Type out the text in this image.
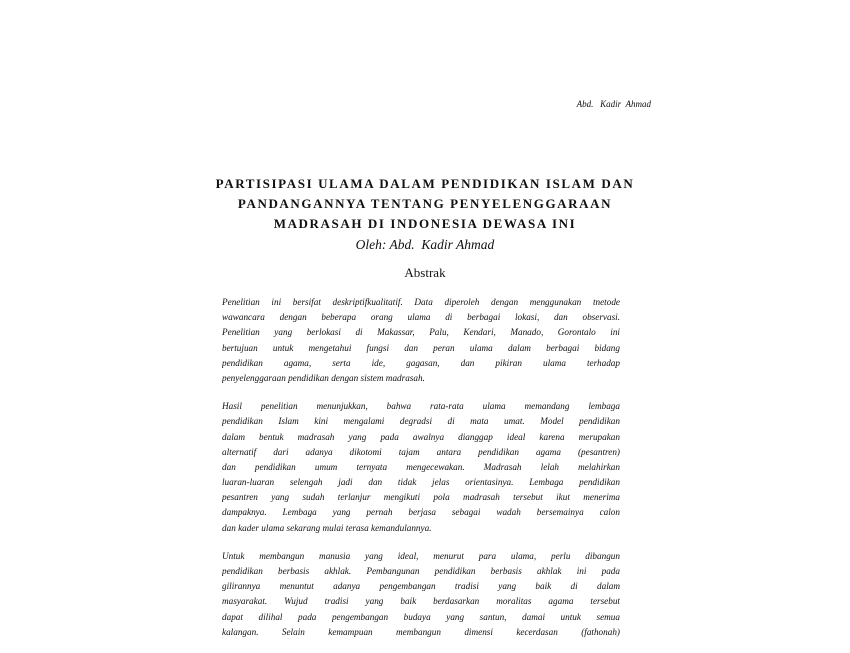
Abd.   Kadir  Ahmad

PARTISIPASI ULAMA DALAM PENDIDIKAN ISLAM DAN

PANDANGANNYA TENTANG PENYELENGGARAAN

MADRASAH DI INDONESIA DEWASA INI

Oleh: Abd.  Kadir Ahmad
Abstrak
Penelitian ini bersifat deskriptifkualitatif. Data diperoleh dengan menggunakan tnetode
wawancara dengan beberapa orang ulama di berbagai lokasi, dan observasi.
Penelitian yang berlokasi di Makassar, Palu, Kendari, Manado, Gorontalo ini
bertujuan untuk mengetahui fungsi dan peran ulama dalam berbagai bidang
pendidikan agama, serta ide, gagasan, dan pikiran ulama terhadap
penyelenggaraan pendidikan dengan sistem madrasah.
Hasil penelitian menunjukkan, bahwa rata-rata ulama memandang lembaga
pendidikan Islam kini mengalami degradsi di mata umat. Model pendidikan
dalam bentuk madrasah yang pada awalnya dianggap ideal karena merupakan
alternatif dari adanya dikotomi tajam antara pendidikan agama (pesantren)
dan pendidikan umum ternyata mengecewakan. Madrasah lelah melahirkan
luaran-luaran selengah jadi dan tidak jelas orientasinya. Lembaga pendidikan
pesantren yang sudah terlanjur mengikuti pola madrasah tersebut ikut menerima
dampaknya. Lembaga yang pernah berjasa sebagai wadah bersemainya calon
dan kader ulama sekarang mulai terasa kemandulannya.
Untuk membangun manusia yang ideal, menurut para ulama, perlu dibangun
pendidikan berbasis akhlak. Pembangunan pendidikan berbasis akhlak ini pada
gilirannya menuntut adanya pengembangan tradisi yang baik di dalam
masyarakat. Wujud tradisi yang baik berdasarkan moralitas agama tersebut
dapat dilihal pada pengembangan budaya yang santun, damai untuk semua
kalangan. Selain kemampuan membangun dimensi kecerdasan (fathonah)
